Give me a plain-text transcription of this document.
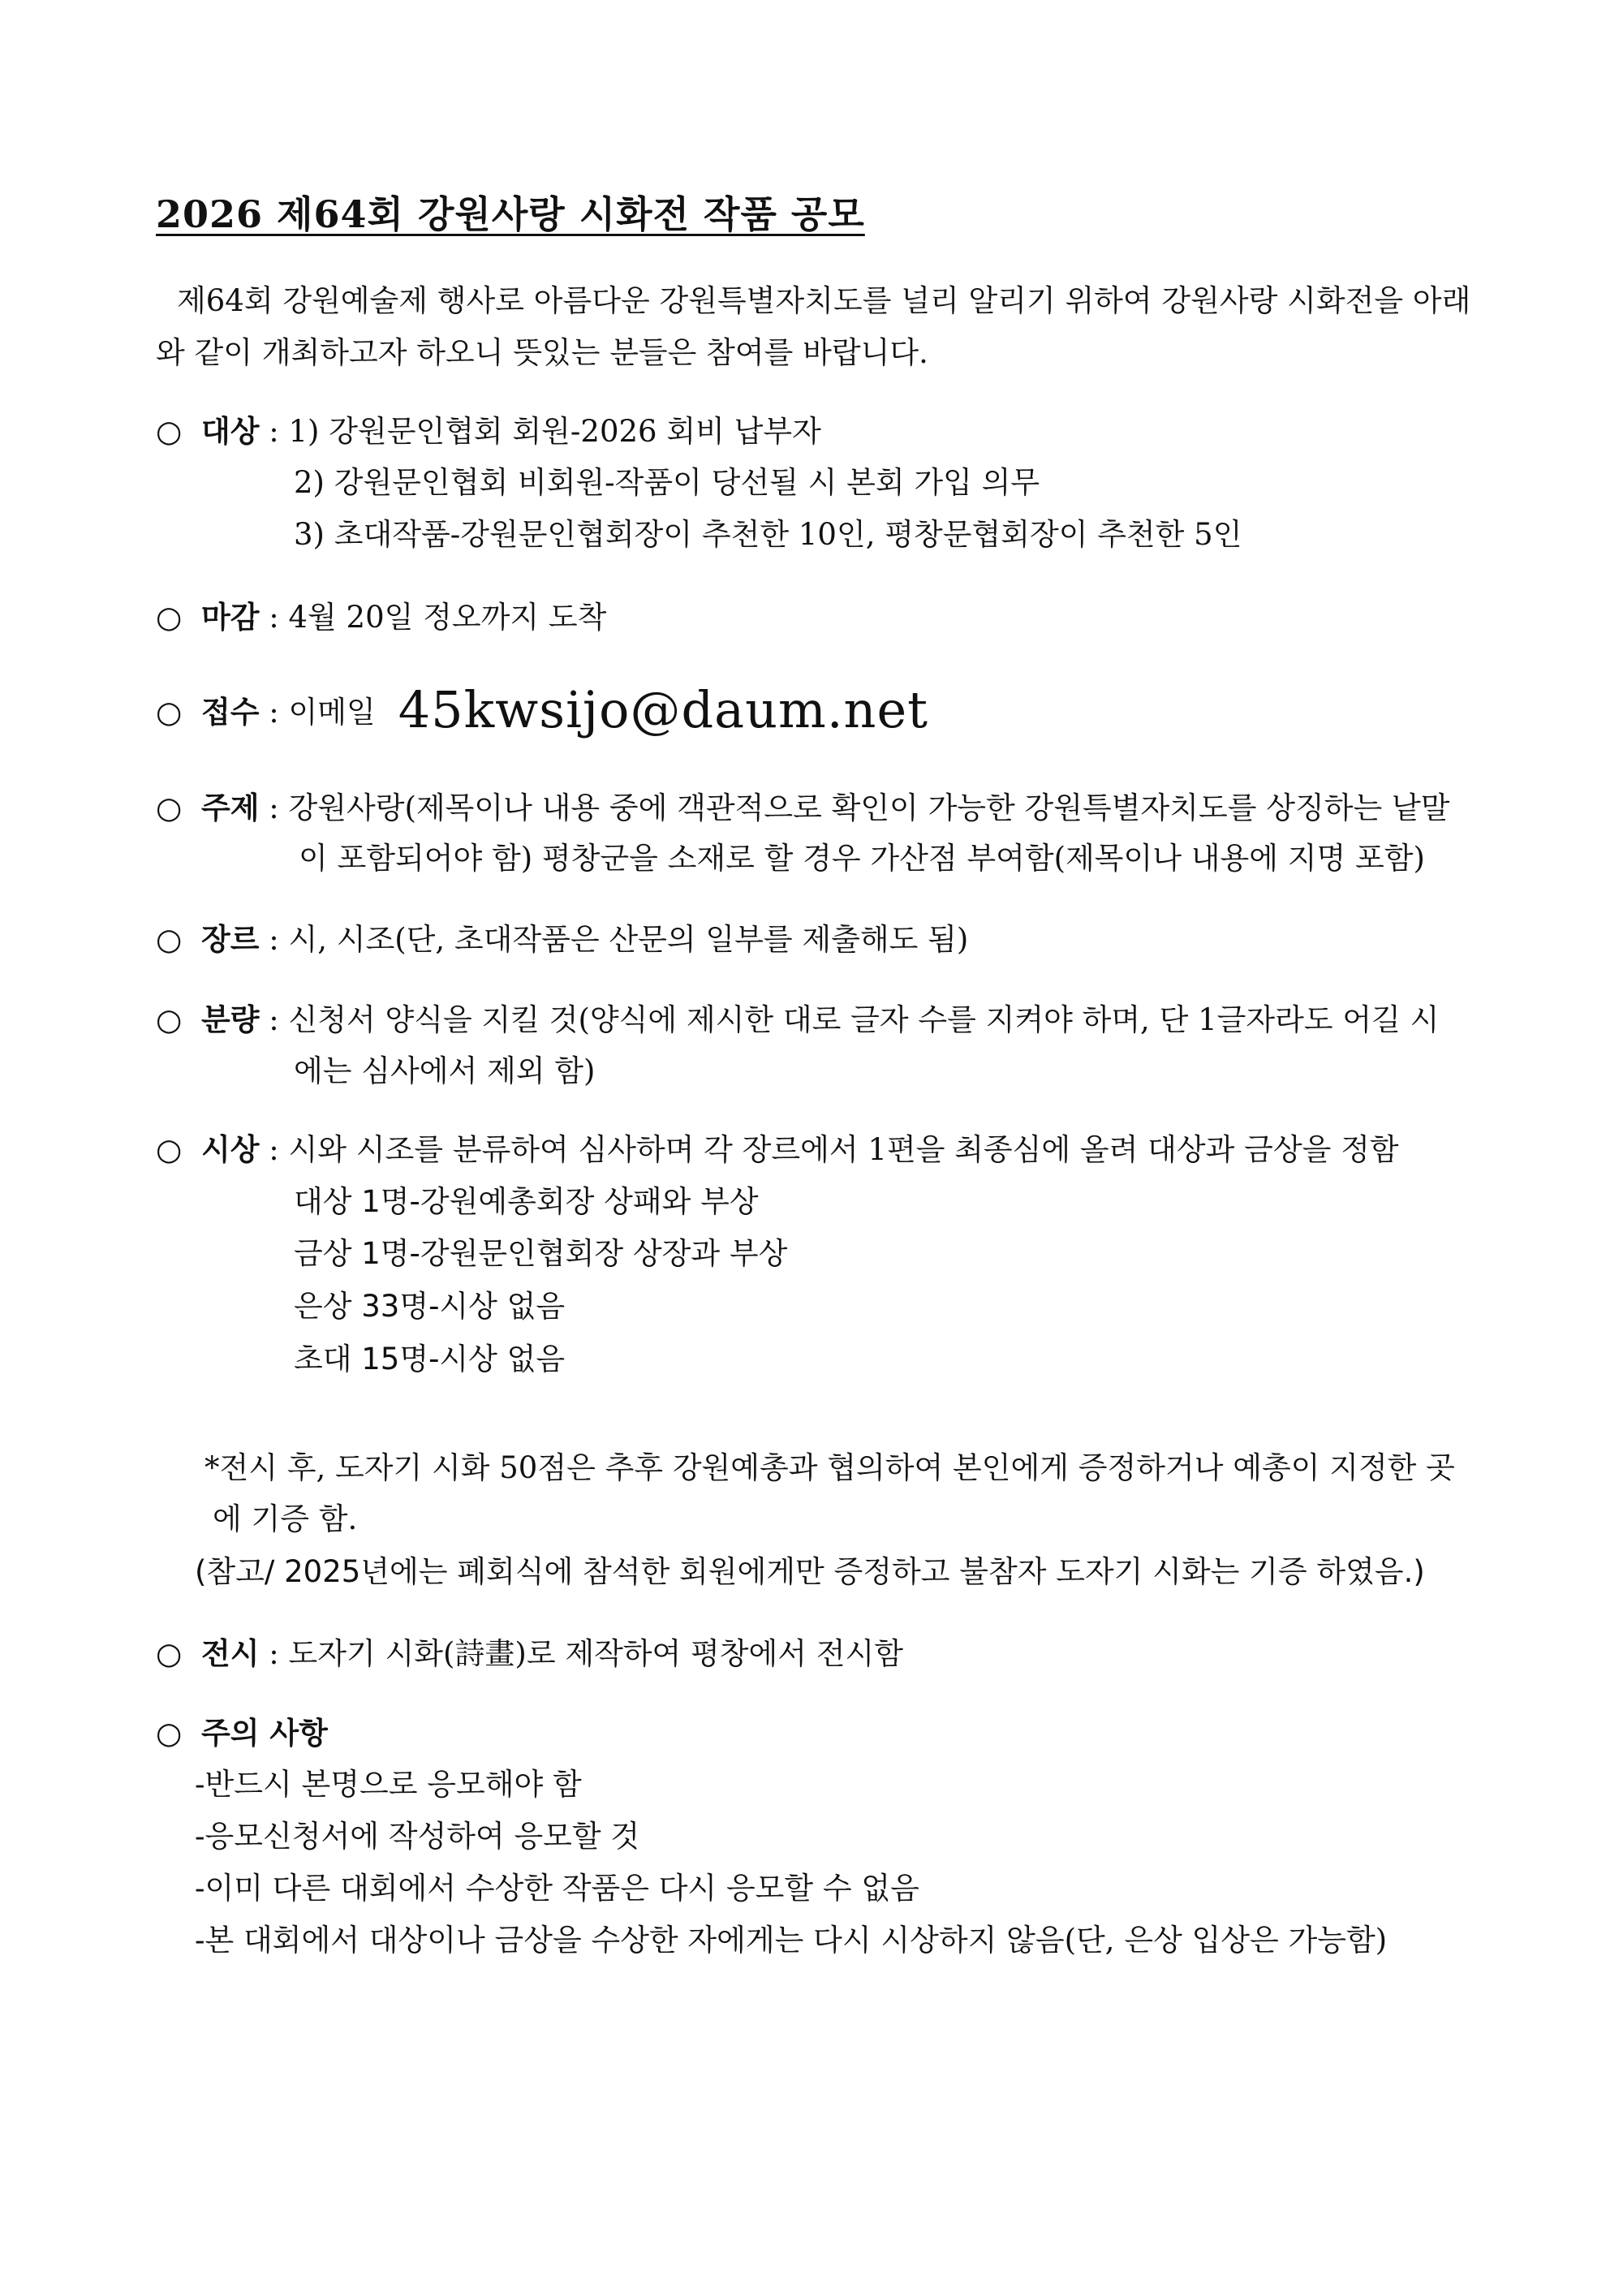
2026 제64회 강원사랑 시화전 작품 공모
제64회 강원예술제 행사로 아름다운 강원특별자치도를 널리 알리기 위하여 강원사랑 시화전을 아래
와 같이 개최하고자 하오니 뜻있는 분들은 참여를 바랍니다.
○ 대상 : 1) 강원문인협회 회원-2026 회비 납부자
2) 강원문인협회 비회원-작품이 당선될 시 본회 가입 의무
3) 초대작품-강원문인협회장이 추천한 10인, 평창문협회장이 추천한 5인
○ 마감 : 4월 20일 정오까지 도착
○ 접수 : 이메일 45kwsijo@daum.net
○ 주제 : 강원사랑(제목이나 내용 중에 객관적으로 확인이 가능한 강원특별자치도를 상징하는 낱말
이 포함되어야 함) 평창군을 소재로 할 경우 가산점 부여함(제목이나 내용에 지명 포함)
○ 장르 : 시, 시조(단, 초대작품은 산문의 일부를 제출해도 됨)
○ 분량 : 신청서 양식을 지킬 것(양식에 제시한 대로 글자 수를 지켜야 하며, 단 1글자라도 어길 시
에는 심사에서 제외 함)
○ 시상 : 시와 시조를 분류하여 심사하며 각 장르에서 1편을 최종심에 올려 대상과 금상을 정함
대상 1명-강원예총회장 상패와 부상
금상 1명-강원문인협회장 상장과 부상
은상 33명-시상 없음
초대 15명-시상 없음
*전시 후, 도자기 시화 50점은 추후 강원예총과 협의하여 본인에게 증정하거나 예총이 지정한 곳
에 기증 함.
(참고/ 2025년에는 폐회식에 참석한 회원에게만 증정하고 불참자 도자기 시화는 기증 하였음.)
○ 전시 : 도자기 시화(詩畫)로 제작하여 평창에서 전시함
○ 주의 사항
-반드시 본명으로 응모해야 함
-응모신청서에 작성하여 응모할 것
-이미 다른 대회에서 수상한 작품은 다시 응모할 수 없음
-본 대회에서 대상이나 금상을 수상한 자에게는 다시 시상하지 않음(단, 은상 입상은 가능함)
